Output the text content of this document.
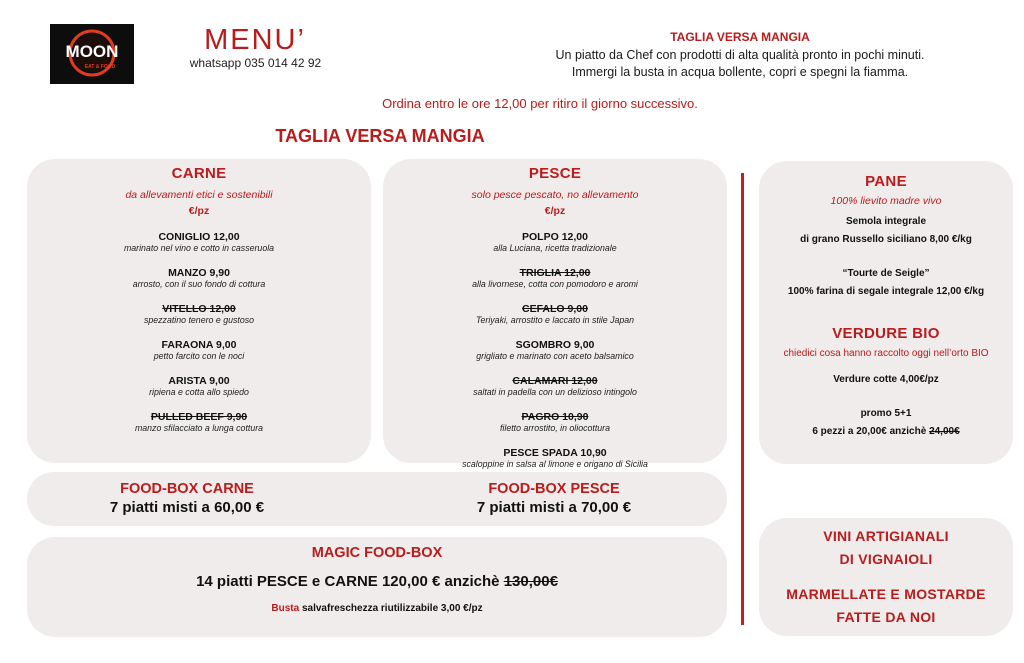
MOON
EAT & FOOD
MENU’
whatsapp 035 014 42 92
TAGLIA VERSA MANGIA
Un piatto da Chef con prodotti di alta qualità pronto in pochi minuti.
Immergi la busta in acqua bollente, copri e spegni la fiamma.
Ordina entro le ore 12,00 per ritiro il giorno successivo.
TAGLIA VERSA MANGIA
CARNE
da allevamenti etici e sostenibili
€/pz
CONIGLIO 12,00
marinato nel vino e cotto in casseruola
MANZO 9,90
arrosto, con il suo fondo di cottura
VITELLO 12,00
spezzatino tenero e gustoso
FARAONA 9,00
petto farcito con le noci
ARISTA 9,00
ripiena e cotta allo spiedo
PULLED BEEF 9,90
manzo sfilacciato a lunga cottura
PESCE
solo pesce pescato, no allevamento
€/pz
POLPO 12,00
alla Luciana, ricetta tradizionale
TRIGLIA 12,00
alla livornese, cotta con pomodoro e aromi
CEFALO 9,00
Teriyaki, arrostito e laccato in stile Japan
SGOMBRO 9,00
grigliato e marinato con aceto balsamico
CALAMARI 12,00
saltati in padella con un delizioso intingolo
PAGRO 10,90
filetto arrostito, in oliocottura
PESCE SPADA 10,90
scaloppine in salsa al limone e origano di Sicilia
PANE
100% lievito madre vivo
Semola integrale
di grano Russello siciliano 8,00 €/kg
“Tourte de Seigle”
100% farina di segale integrale 12,00 €/kg
VERDURE BIO
chiedici cosa hanno raccolto oggi nell’orto BIO
Verdure cotte 4,00€/pz
promo 5+1
6 pezzi a 20,00€ anzichè 24,00€
FOOD-BOX CARNE
7 piatti misti a 60,00 €
FOOD-BOX PESCE
7 piatti misti a 70,00 €
MAGIC FOOD-BOX
14 piatti PESCE e CARNE 120,00 € anzichè 130,00€
Busta salvafreschezza riutilizzabile 3,00 €/pz
VINI ARTIGIANALI
DI VIGNAIOLI
MARMELLATE E MOSTARDE
FATTE DA NOI
